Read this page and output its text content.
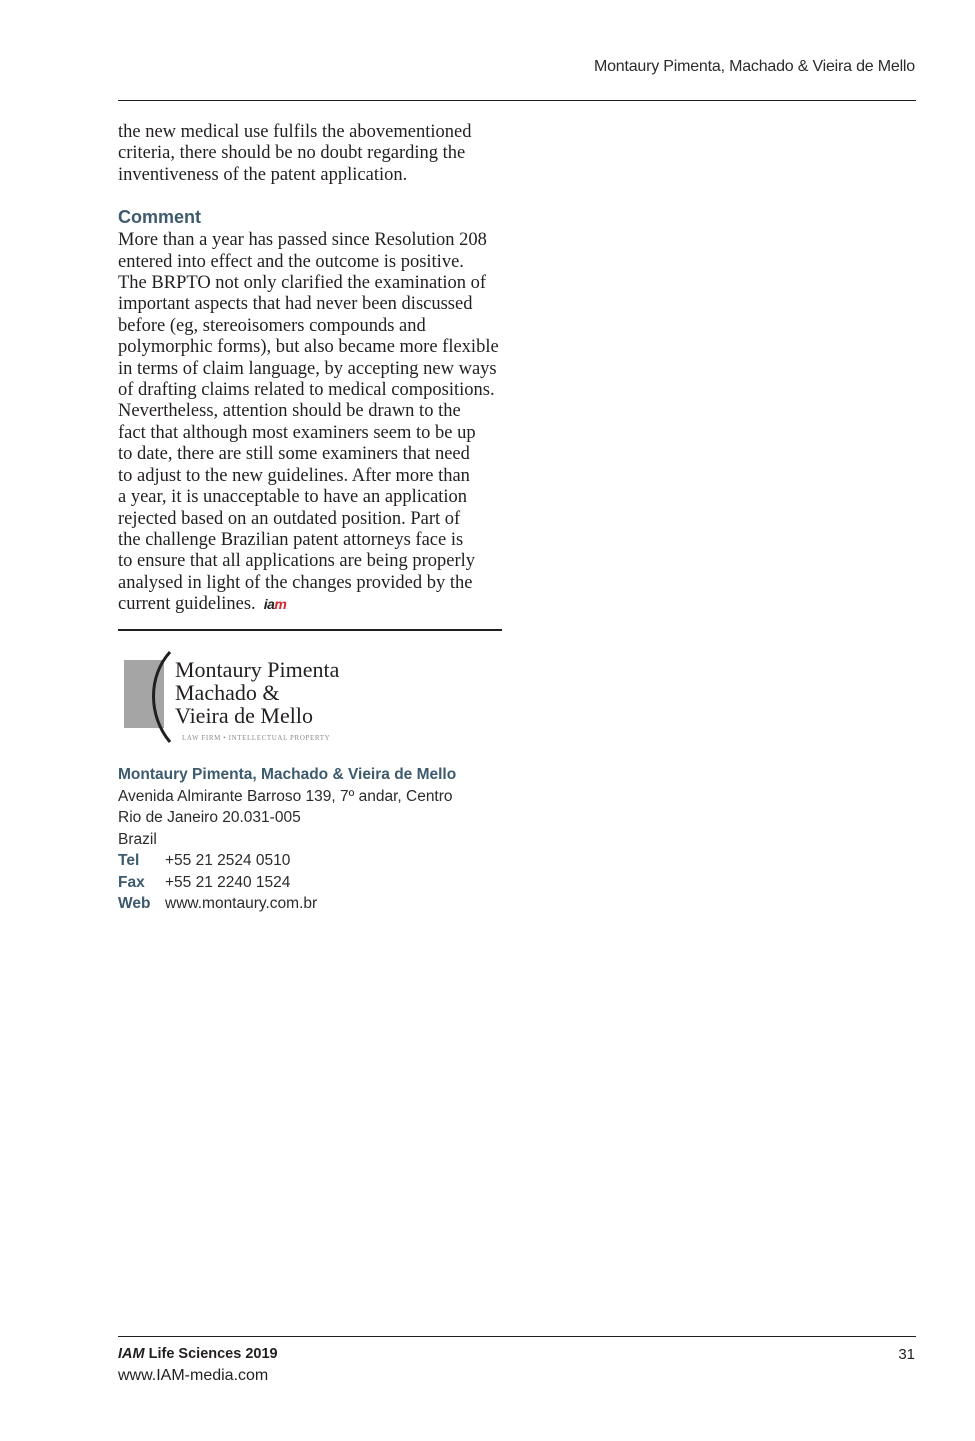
Montaury Pimenta, Machado & Vieira de Mello

the new medical use fulfils the abovementioned
criteria, there should be no doubt regarding the
inventiveness of the patent application.

Comment

More than a year has passed since Resolution 208
entered into effect and the outcome is positive.
The BRPTO not only clarified the examination of
important aspects that had never been discussed
before (eg, stereoisomers compounds and
polymorphic forms), but also became more flexible
in terms of claim language, by accepting new ways
of drafting claims related to medical compositions.
Nevertheless, attention should be drawn to the
fact that although most examiners seem to be up
to date, there are still some examiners that need
to adjust to the new guidelines. After more than
a year, it is unacceptable to have an application
rejected based on an outdated position. Part of
the challenge Brazilian patent attorneys face is
to ensure that all applications are being properly
analysed in light of the changes provided by the
current guidelines. iam

Montaury Pimenta
Machado &
Vieira de Mello
LAW FIRM • INTELLECTUAL PROPERTY
Montaury Pimenta, Machado & Vieira de Mello
Avenida Almirante Barroso 139, 7º andar, Centro
Rio de Janeiro 20.031-005
Brazil
Tel	+55 21 2524 0510
Fax	+55 21 2240 1524
Web www.montaury.com.br
IAM Life Sciences 2019
www.IAM-media.com
31
